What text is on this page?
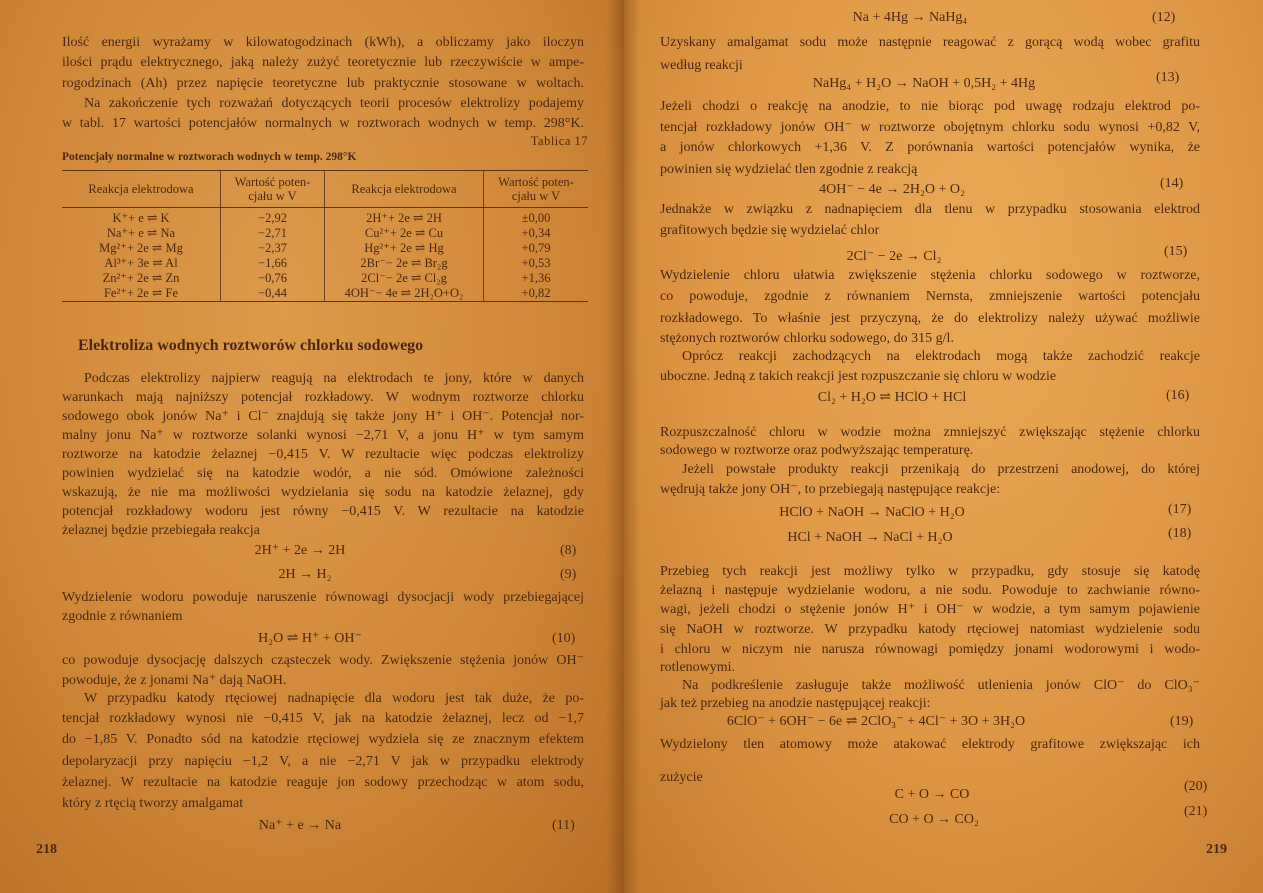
Ilość energii wyrażamy w kilowatogodzinach (kWh), a obliczamy jako iloczyn
ilości prądu elektrycznego, jaką należy zużyć teoretycznie lub rzeczywiście w ampe-
rogodzinach (Ah) przez napięcie teoretyczne lub praktycznie stosowane w woltach.
Na zakończenie tych rozważań dotyczących teorii procesów elektrolizy podajemy
w tabl. 17 wartości potencjałów normalnych w roztworach wodnych w temp. 298°K.
Tablica 17
Potencjały normalne w roztworach wodnych w temp. 298°K
Reakcja elektrodowa	Wartość poten-cjału w V	Reakcja elektrodowa	Wartość poten-cjału w V
K⁺+ e ⇌ K	−2,92	2H⁺+ 2e ⇌ 2H	±0,00
Na⁺+ e ⇌ Na	−2,71	Cu²⁺+ 2e ⇌ Cu	+0,34
Mg²⁺+ 2e ⇌ Mg	−2,37	Hg²⁺+ 2e ⇌ Hg	+0,79
Al³⁺+ 3e ⇌ Al	−1,66	2Br⁻− 2e ⇌ Br₂g	+0,53
Zn²⁺+ 2e ⇌ Zn	−0,76	2Cl⁻− 2e ⇌ Cl₂g	+1,36
Fe²⁺+ 2e ⇌ Fe	−0,44	4OH⁻− 4e ⇌ 2H₂O+O₂	+0,82
Elektroliza wodnych roztworów chlorku sodowego
Podczas elektrolizy najpierw reagują na elektrodach te jony, które w danych
warunkach mają najniższy potencjał rozkładowy. W wodnym roztworze chlorku
sodowego obok jonów Na⁺ i Cl⁻ znajdują się także jony H⁺ i OH⁻. Potencjał nor-
malny jonu Na⁺ w roztworze solanki wynosi −2,71 V, a jonu H⁺ w tym samym
roztworze na katodzie żelaznej −0,415 V. W rezultacie więc podczas elektrolizy
powinien wydzielać się na katodzie wodór, a nie sód. Omówione zależności
wskazują, że nie ma możliwości wydzielania się sodu na katodzie żelaznej, gdy
potencjał rozkładowy wodoru jest równy −0,415 V. W rezultacie na katodzie
żelaznej będzie przebiegała reakcja
2H⁺ + 2e → 2H	(8)
2H → H₂	(9)
Wydzielenie wodoru powoduje naruszenie równowagi dysocjacji wody przebiegającej
zgodnie z równaniem
H₂O ⇌ H⁺ + OH⁻	(10)
co powoduje dysocjację dalszych cząsteczek wody. Zwiększenie stężenia jonów OH⁻
powoduje, że z jonami Na⁺ dają NaOH.
W przypadku katody rtęciowej nadnapięcie dla wodoru jest tak duże, że po-
tencjał rozkładowy wynosi nie −0,415 V, jak na katodzie żelaznej, lecz od −1,7
do −1,85 V. Ponadto sód na katodzie rtęciowej wydziela się ze znacznym efektem
depolaryzacji przy napięciu −1,2 V, a nie −2,71 V jak w przypadku elektrody
żelaznej. W rezultacie na katodzie reaguje jon sodowy przechodząc w atom sodu,
który z rtęcią tworzy amalgamat
Na⁺ + e → Na	(11)
218
Na + 4Hg → NaHg₄	(12)
Uzyskany amalgamat sodu może następnie reagować z gorącą wodą wobec grafitu
według reakcji
NaHg₄ + H₂O → NaOH + 0,5H₂ + 4Hg	(13)
Jeżeli chodzi o reakcję na anodzie, to nie biorąc pod uwagę rodzaju elektrod po-
tencjał rozkładowy jonów OH⁻ w roztworze obojętnym chlorku sodu wynosi +0,82 V,
a jonów chlorkowych +1,36 V. Z porównania wartości potencjałów wynika, że
powinien się wydzielać tlen zgodnie z reakcją
4OH⁻ − 4e → 2H₂O + O₂	(14)
Jednakże w związku z nadnapięciem dla tlenu w przypadku stosowania elektrod
grafitowych będzie się wydzielać chlor
2Cl⁻ − 2e → Cl₂	(15)
Wydzielenie chloru ułatwia zwiększenie stężenia chlorku sodowego w roztworze,
co powoduje, zgodnie z równaniem Nernsta, zmniejszenie wartości potencjału
rozkładowego. To właśnie jest przyczyną, że do elektrolizy należy używać możliwie
stężonych roztworów chlorku sodowego, do 315 g/l.
Oprócz reakcji zachodzących na elektrodach mogą także zachodzić reakcje
uboczne. Jedną z takich reakcji jest rozpuszczanie się chloru w wodzie
Cl₂ + H₂O ⇌ HClO + HCl	(16)
Rozpuszczalność chloru w wodzie można zmniejszyć zwiększając stężenie chlorku
sodowego w roztworze oraz podwyższając temperaturę.
Jeżeli powstałe produkty reakcji przenikają do przestrzeni anodowej, do której
wędrują także jony OH⁻, to przebiegają następujące reakcje:
HClO + NaOH → NaClO + H₂O	(17)
HCl + NaOH → NaCl + H₂O	(18)
Przebieg tych reakcji jest możliwy tylko w przypadku, gdy stosuje się katodę
żelazną i następuje wydzielanie wodoru, a nie sodu. Powoduje to zachwianie równo-
wagi, jeżeli chodzi o stężenie jonów H⁺ i OH⁻ w wodzie, a tym samym pojawienie
się NaOH w roztworze. W przypadku katody rtęciowej natomiast wydzielenie sodu
i chloru w niczym nie narusza równowagi pomiędzy jonami wodorowymi i wodo-
rotlenowymi.
Na podkreślenie zasługuje także możliwość utlenienia jonów ClO⁻ do ClO₃⁻
jak też przebieg na anodzie następującej reakcji:
6ClO⁻ + 6OH⁻ − 6e ⇌ 2ClO₃⁻ + 4Cl⁻ + 3O + 3H₂O	(19)
Wydzielony tlen atomowy może atakować elektrody grafitowe zwiększając ich
zużycie
C + O → CO
(20)
CO + O → CO₂
(21)
219
